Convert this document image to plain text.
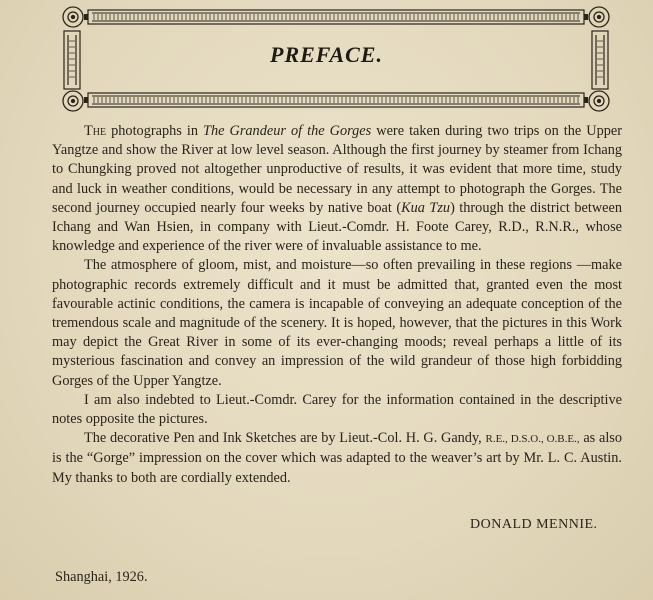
PREFACE.

The photographs in The Grandeur of the Gorges were taken during two trips on the Upper Yangtze and show the River at low level season. Although the first journey by steamer from Ichang to Chungking proved not altogether unproductive of results, it was evident that more time, study and luck in weather conditions, would be necessary in any attempt to photograph the Gorges. The second journey occupied nearly four weeks by native boat (Kua Tzu) through the district between Ichang and Wan Hsien, in company with Lieut.-Comdr. H. Foote Carey, R.D., R.N.R., whose knowledge and experience of the river were of invaluable assistance to me.

The atmosphere of gloom, mist, and moisture—so often prevailing in these regions —make photographic records extremely difficult and it must be admitted that, granted even the most favourable actinic conditions, the camera is incapable of conveying an adequate conception of the tremendous scale and magnitude of the scenery. It is hoped, however, that the pictures in this Work may depict the Great River in some of its ever-changing moods; reveal perhaps a little of its mysterious fascination and convey an impression of the wild grandeur of those high forbidding Gorges of the Upper Yangtze.

I am also indebted to Lieut.-Comdr. Carey for the information contained in the descriptive notes opposite the pictures.

The decorative Pen and Ink Sketches are by Lieut.-Col. H. G. Gandy, R.E., D.S.O., O.B.E., as also is the “Gorge” impression on the cover which was adapted to the weaver’s art by Mr. L. C. Austin. My thanks to both are cordially extended.

DONALD MENNIE.
Shanghai, 1926.
